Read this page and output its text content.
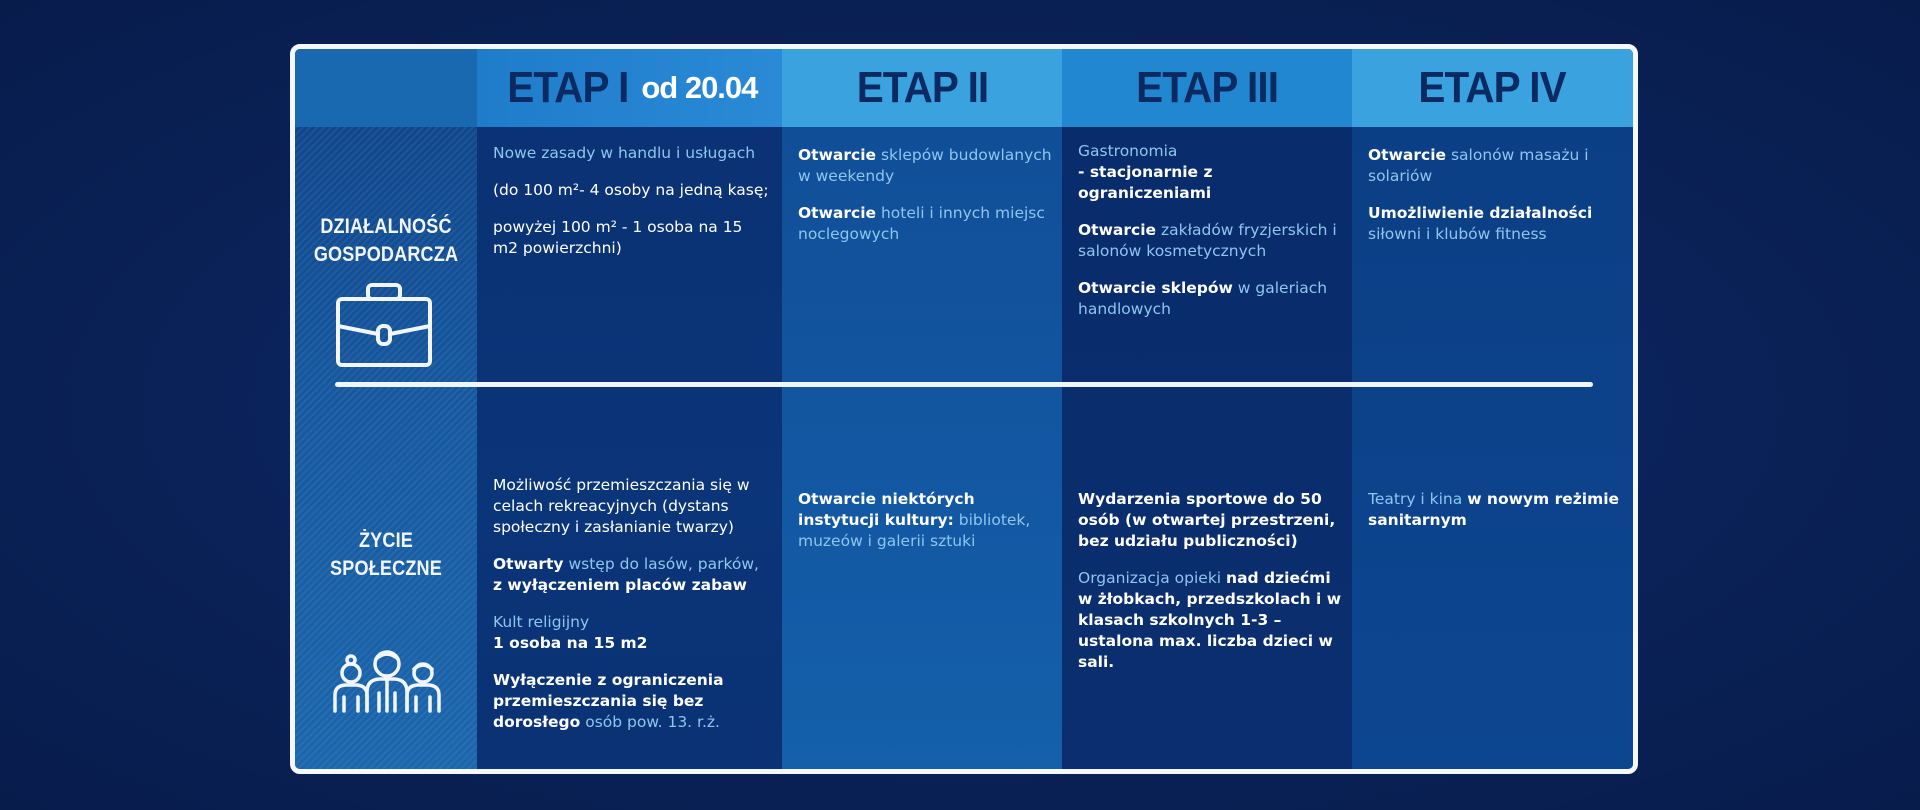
ETAP I od 20.04 ETAP II	ETAP III	ETAP IV
DZIAŁALNOŚĆ
GOSPODARCZA
ŻYCIE
SPOŁECZNE

Nowe zasady w handlu i usługach

(do 100 m²- 4 osoby na jedną kasę;

powyżej 100 m² - 1 osoba na 15 m2 powierzchni)

Możliwość przemieszczania się w celach rekreacyjnych (dystans społeczny i zasłanianie twarzy)

Otwarty wstęp do lasów, parków, z wyłączeniem placów zabaw

Kult religijny
1 osoba na 15 m2

Wyłączenie z ograniczenia przemieszczania się bez dorosłego osób pow. 13. r.ż.

Otwarcie sklepów budowlanych w weekendy

Otwarcie hoteli i innych miejsc noclegowych

Otwarcie niektórych instytucji kultury: bibliotek, muzeów i galerii sztuki

Gastronomia
- stacjonarnie z ograniczeniami

Otwarcie zakładów fryzjerskich i salonów kosmetycznych

Otwarcie sklepów w galeriach handlowych

Wydarzenia sportowe do 50 osób (w otwartej przestrzeni, bez udziału publiczności)

Organizacja opieki nad dziećmi w żłobkach, przedszkolach i w klasach szkolnych 1-3 – ustalona max. liczba dzieci w sali.

Otwarcie salonów masażu i solariów

Umożliwienie działalności siłowni i klubów fitness

Teatry i kina w nowym reżimie sanitarnym
